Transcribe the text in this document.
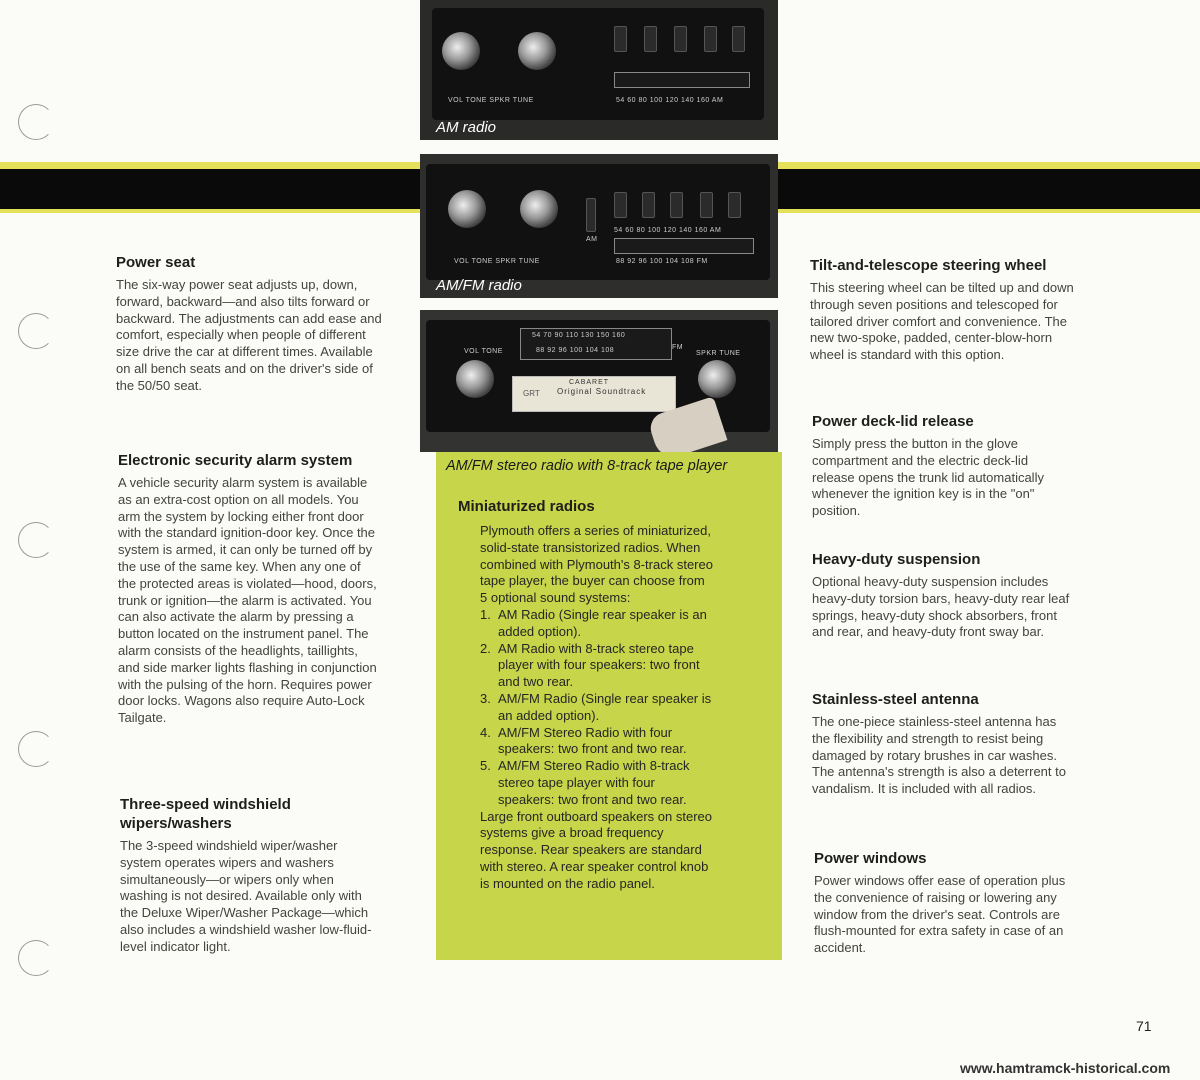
VOL TONE SPKR TUNE	54 60 80 100 120 140 160 AM
AM radio
AM
54 60 80 100 120 140 160 AM
88 92 96 100 104 108 FM
VOL TONE SPKR TUNE
AM/FM radio
VOL TONE	SPKR TUNE
54 70 90 110 130 150 160
88 92 96 100 104 108	FM
CABARET
Original Soundtrack
GRT
AM/FM stereo radio with 8-track tape player
Miniaturized radios

Plymouth offers a series of miniaturized, solid-state transistorized radios. When combined with Plymouth's 8-track stereo tape player, the buyer can choose from 5 optional sound systems:

1. AM Radio (Single rear speaker is an added option).
2. AM Radio with 8-track stereo tape player with four speakers: two front and two rear.
3. AM/FM Radio (Single rear speaker is an added option).
4. AM/FM Stereo Radio with four speakers: two front and two rear.
5. AM/FM Stereo Radio with 8-track stereo tape player with four speakers: two front and two rear.

Large front outboard speakers on stereo systems give a broad frequency response. Rear speakers are standard with stereo. A rear speaker control knob is mounted on the radio panel.

Power seat

The six-way power seat adjusts up, down, forward, backward—and also tilts forward or backward. The adjustments can add ease and comfort, especially when people of different size drive the car at different times. Available on all bench seats and on the driver's side of the 50/50 seat.

Electronic security alarm system

A vehicle security alarm system is available as an extra-cost option on all models. You arm the system by locking either front door with the standard ignition-door key. Once the system is armed, it can only be turned off by the use of the same key. When any one of the protected areas is violated—hood, doors, trunk or ignition—the alarm is activated. You can also activate the alarm by pressing a button located on the instrument panel. The alarm consists of the headlights, taillights, and side marker lights flashing in conjunction with the pulsing of the horn. Requires power door locks. Wagons also require Auto-Lock Tailgate.

Three-speed windshield wipers/washers

The 3-speed windshield wiper/washer system operates wipers and washers simultaneously—or wipers only when washing is not desired. Available only with the Deluxe Wiper/Washer Package—which also includes a windshield washer low-fluid-level indicator light.

Tilt-and-telescope steering wheel

This steering wheel can be tilted up and down through seven positions and telescoped for tailored driver comfort and convenience. The new two-spoke, padded, center-blow-horn wheel is standard with this option.

Power deck-lid release

Simply press the button in the glove compartment and the electric deck-lid release opens the trunk lid automatically whenever the ignition key is in the "on" position.

Heavy-duty suspension

Optional heavy-duty suspension includes heavy-duty torsion bars, heavy-duty rear leaf springs, heavy-duty shock absorbers, front and rear, and heavy-duty front sway bar.

Stainless-steel antenna

The one-piece stainless-steel antenna has the flexibility and strength to resist being damaged by rotary brushes in car washes. The antenna's strength is also a deterrent to vandalism. It is included with all radios.

Power windows

Power windows offer ease of operation plus the convenience of raising or lowering any window from the driver's seat. Controls are flush-mounted for extra safety in case of an accident.

71
www.hamtramck-historical.com
